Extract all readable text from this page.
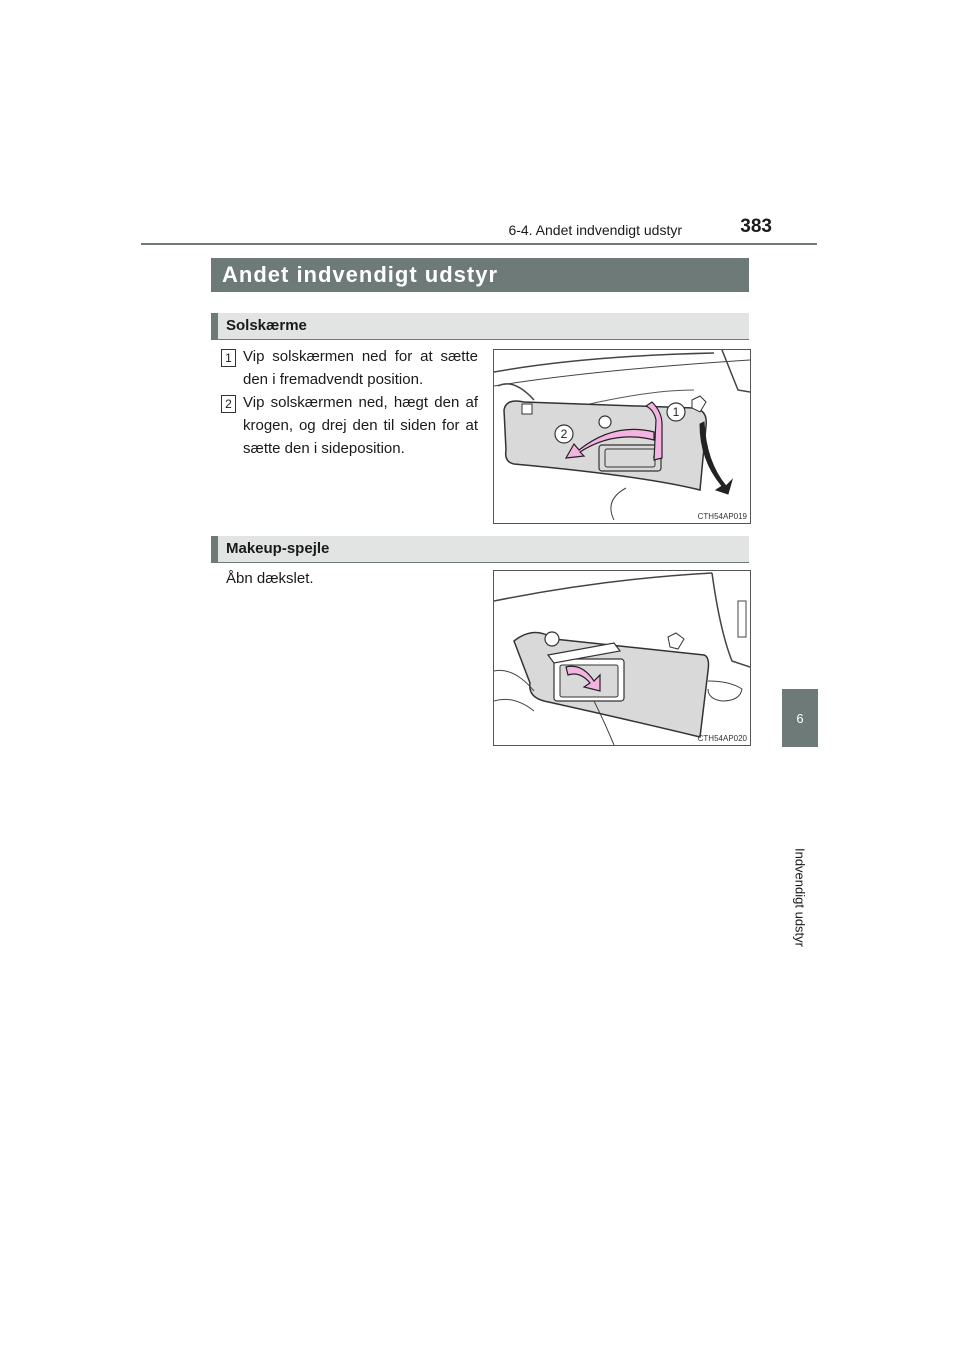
6-4. Andet indvendigt udstyr	383
6
Indvendigt udstyr
Andet indvendigt udstyr
Solskærme
1 Vip solskærmen ned for at sætte den i fremadvendt position.
2 Vip solskærmen ned, hægt den af krogen, og drej den til siden for at sætte den i sideposition.
1
2
CTH54AP019
Makeup-spejle
Åbn dækslet.
CTH54AP020
